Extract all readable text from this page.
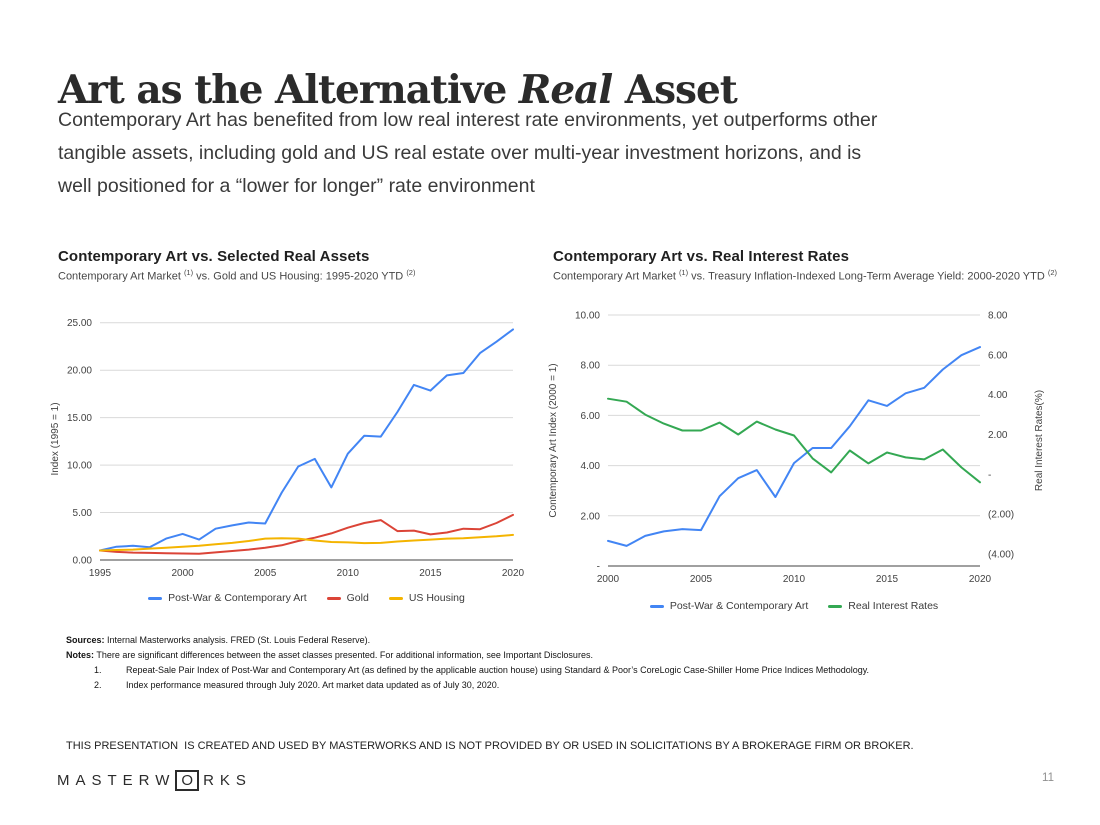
Art as the Alternative Real Asset
Contemporary Art has benefited from low real interest rate environments, yet outperforms other
tangible assets, including gold and US real estate over multi-year investment horizons, and is
well positioned for a “lower for longer” rate environment
Contemporary Art vs. Selected Real Assets
Contemporary Art Market $^{(1)}$ vs. Gold and US Housing: 1995-2020 YTD $^{(2)}$
0.00
5.00
10.00
15.00
20.00
25.00
1995	2000	2005	2010	2015	2020
Index (1995 = 1)
Post-War & Contemporary Art	Gold	US Housing
Contemporary Art vs. Real Interest Rates
Contemporary Art Market $^{(1)}$ vs. Treasury Inflation-Indexed Long-Term Average Yield: 2000-2020 YTD $^{(2)}$
-
2.00
4.00
6.00
8.00
10.00	8.00
6.00
4.00
2.00
-
(2.00)
(4.00)
2000	2005	2010	2015	2020
Contemporary Art Index (2000 = 1)	Real Interest Rates(%)
Post-War & Contemporary Art	Real Interest Rates
Sources: Internal Masterworks analysis. FRED (St. Louis Federal Reserve).
Notes: There are significant differences between the asset classes presented. For additional information, see Important Disclosures.
1.	Repeat-Sale Pair Index of Post-War and Contemporary Art (as defined by the applicable auction house) using Standard & Poor’s CoreLogic Case-Shiller Home Price Indices Methodology.
2.	Index performance measured through July 2020. Art market data updated as of July 30, 2020.
THIS PRESENTATION  IS CREATED AND USED BY MASTERWORKS AND IS NOT PROVIDED BY OR USED IN SOLICITATIONS BY A BROKERAGE FIRM OR BROKER.
MASTERW O RKS	11
